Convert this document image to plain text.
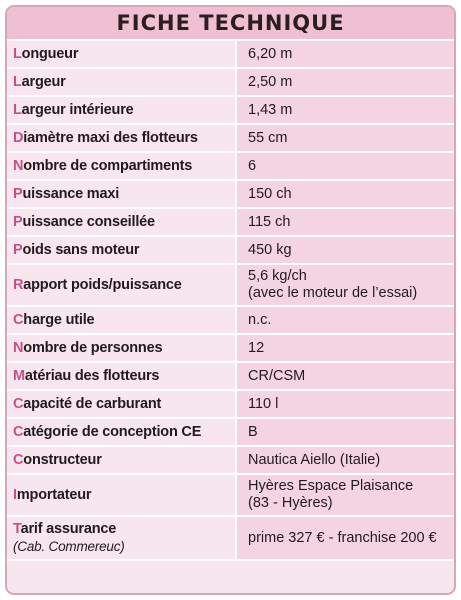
FICHE TECHNIQUE
Longueur	6,20 m
Largeur	2,50 m
Largeur intérieure	1,43 m
Diamètre maxi des flotteurs	55 cm
Nombre de compartiments	6
Puissance maxi	150 ch
Puissance conseillée	115 ch
Poids sans moteur	450 kg
Rapport poids/puissance	5,6 kg/ch
(avec le moteur de l’essai)

Charge utile	n.c.
Nombre de personnes	12
Matériau des flotteurs	CR/CSM
Capacité de carburant	110 l
Catégorie de conception CE	B
Constructeur	Nautica Aiello (Italie)
Importateur	Hyères Espace Plaisance
(83 - Hyères)

Tarif assurance
(Cab. Commereuc)	prime 327 € - franchise 200 €
